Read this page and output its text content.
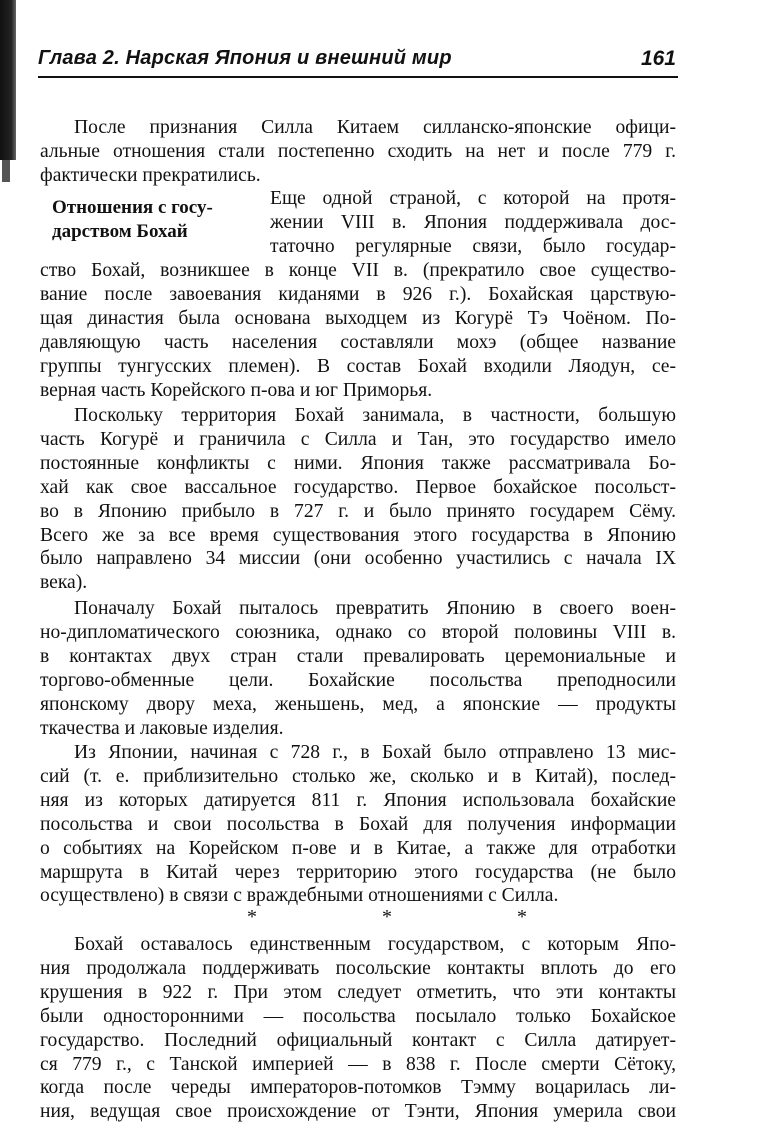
Глава 2. Нарская Япония и внешний мир	161
После признания Силла Китаем силланско-японские офици-
альные отношения стали постепенно сходить на нет и после 779 г.
фактически прекратились.
Отношения с госу-
дарством Бохай
Еще одной страной, с которой на протя-
жении VIII в. Япония поддерживала дос-
таточно регулярные связи, было государ-
ство Бохай, возникшее в конце VII в. (прекратило свое существо-
вание после завоевания киданями в 926 г.). Бохайская царствую-
щая династия была основана выходцем из Когурё Тэ Чоёном. По-
давляющую часть населения составляли мохэ (общее название
группы тунгусских племен). В состав Бохай входили Ляодун, се-
верная часть Корейского п-ова и юг Приморья.
Поскольку территория Бохай занимала, в частности, большую
часть Когурё и граничила с Силла и Тан, это государство имело
постоянные конфликты с ними. Япония также рассматривала Бо-
хай как свое вассальное государство. Первое бохайское посольст-
во в Японию прибыло в 727 г. и было принято государем Сёму.
Всего же за все время существования этого государства в Японию
было направлено 34 миссии (они особенно участились с начала IX
века).
Поначалу Бохай пыталось превратить Японию в своего воен-
но-дипломатического союзника, однако со второй половины VIII в.
в контактах двух стран стали превалировать церемониальные и
торгово-обменные цели. Бохайские посольства преподносили
японскому двору меха, женьшень, мед, а японские — продукты
ткачества и лаковые изделия.
Из Японии, начиная с 728 г., в Бохай было отправлено 13 мис-
сий (т. е. приблизительно столько же, сколько и в Китай), послед-
няя из которых датируется 811 г. Япония использовала бохайские
посольства и свои посольства в Бохай для получения информации
о событиях на Корейском п-ове и в Китае, а также для отработки
маршрута в Китай через территорию этого государства (не было
осуществлено) в связи с враждебными отношениями с Силла.
* * *
Бохай оставалось единственным государством, с которым Япо-
ния продолжала поддерживать посольские контакты вплоть до его
крушения в 922 г. При этом следует отметить, что эти контакты
были односторонними — посольства посылало только Бохайское
государство. Последний официальный контакт с Силла датирует-
ся 779 г., с Танской империей — в 838 г. После смерти Сётоку,
когда после череды императоров-потомков Тэмму воцарилась ли-
ния, ведущая свое происхождение от Тэнти, Япония умерила свои
